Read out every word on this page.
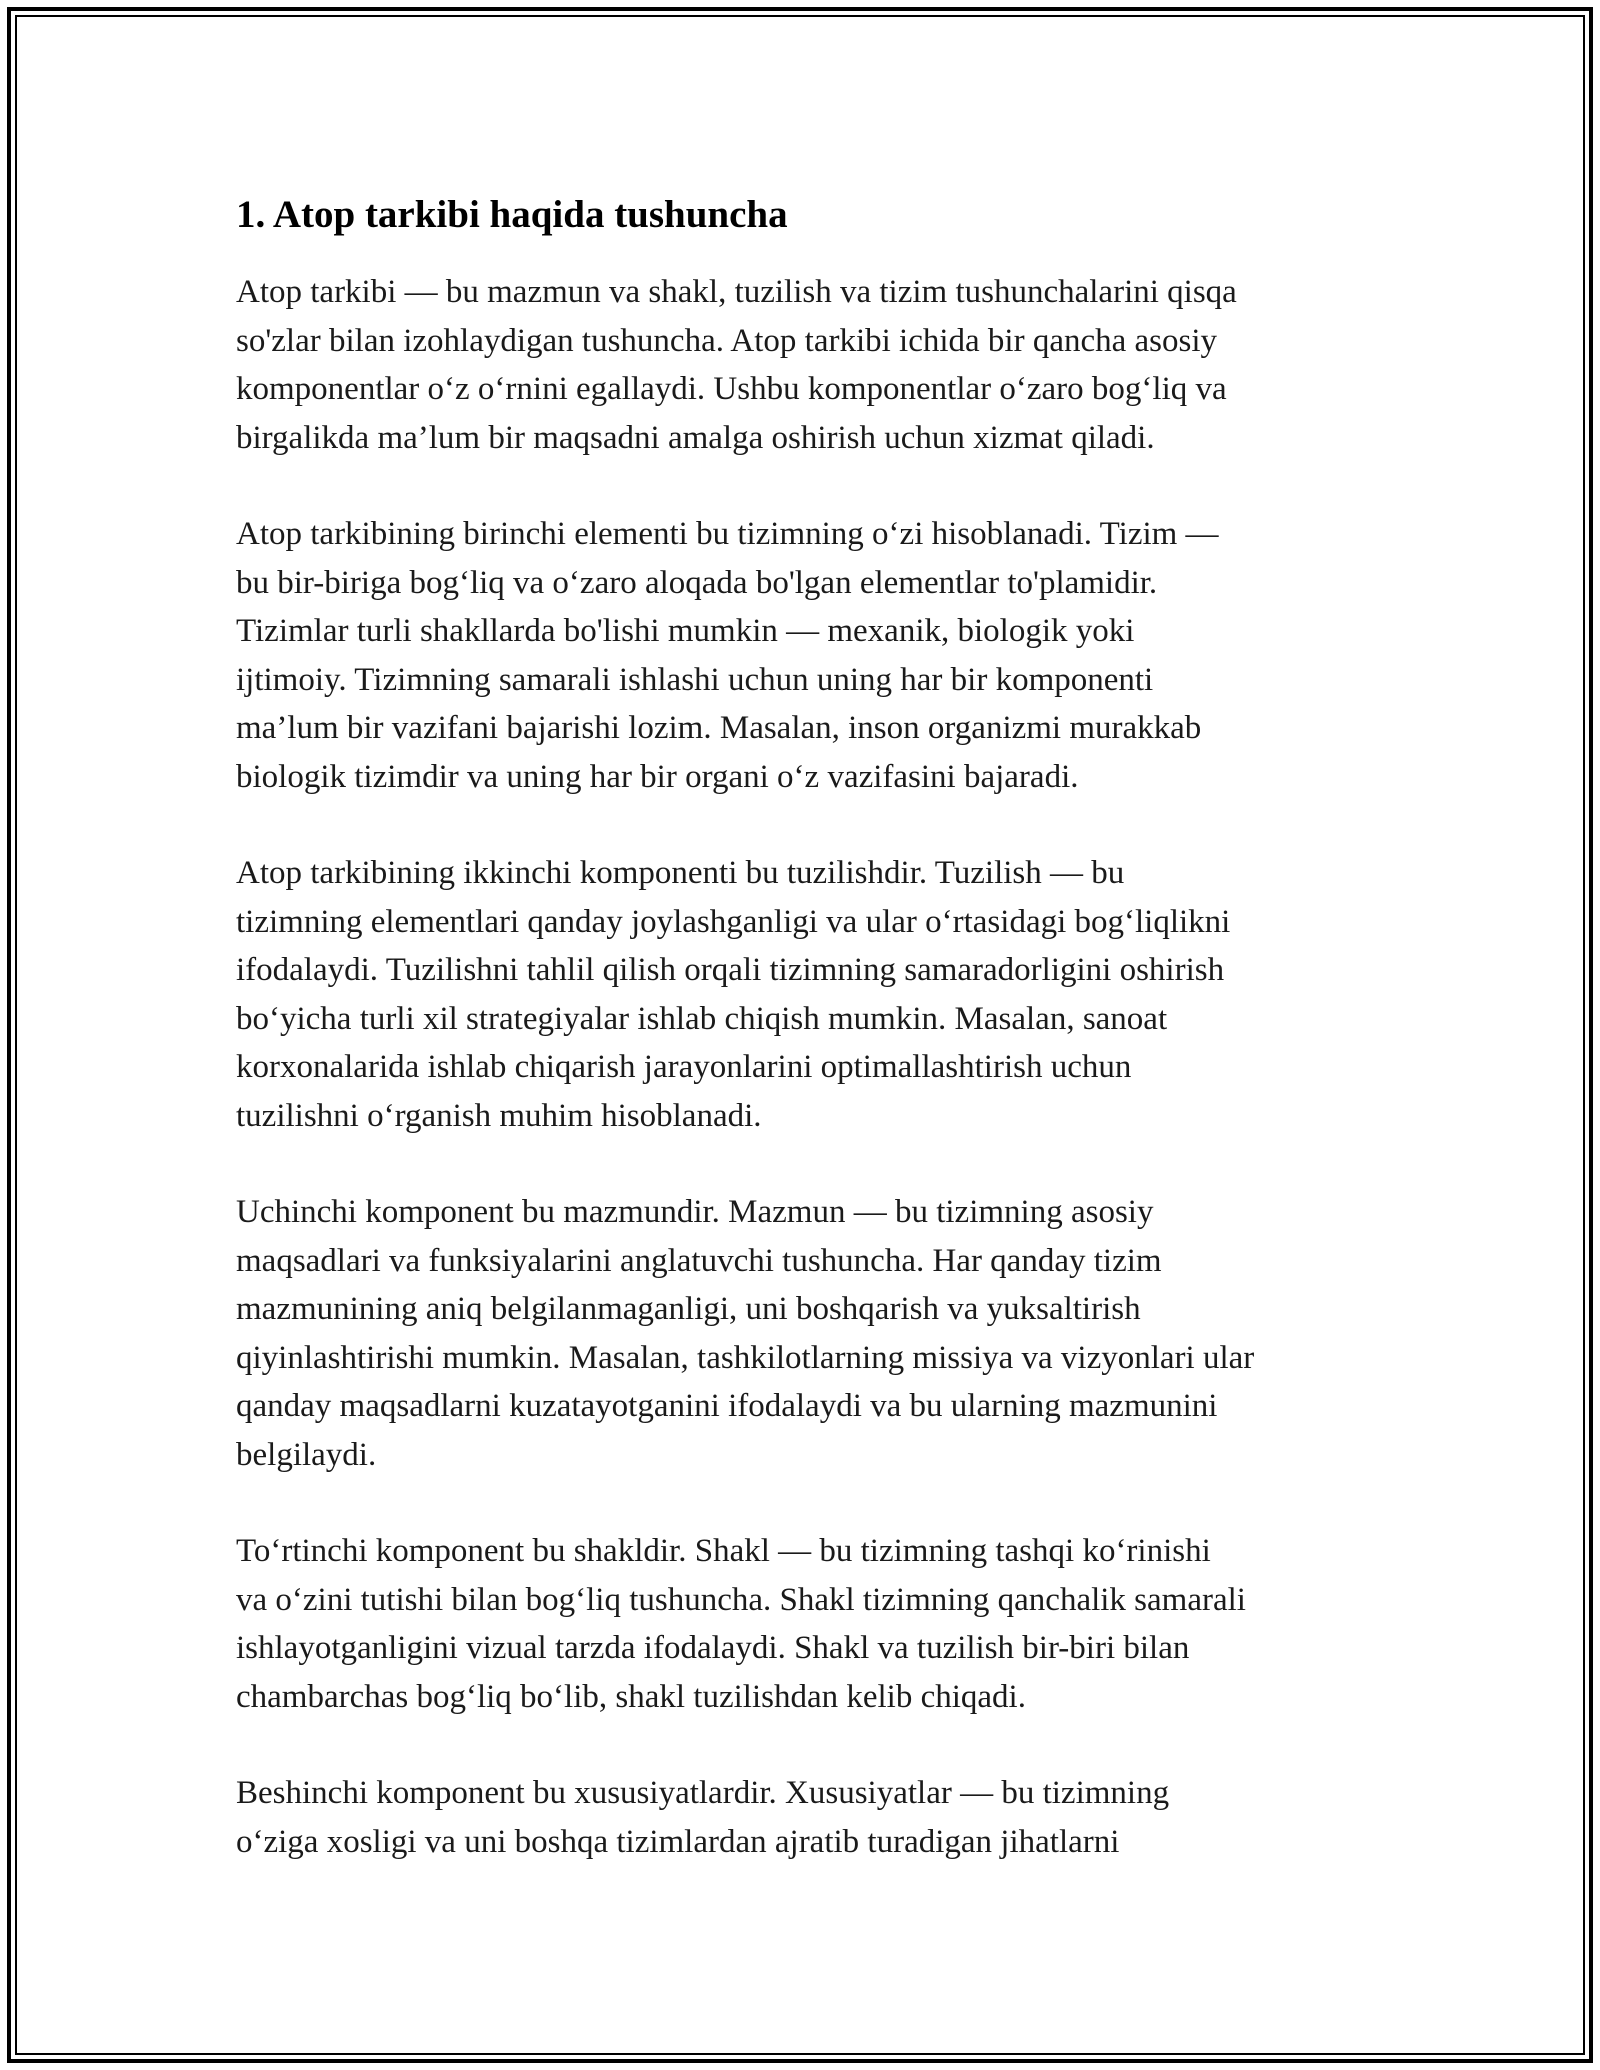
1. Atop tarkibi haqida tushuncha

Atop tarkibi — bu mazmun va shakl, tuzilish va tizim tushunchalarini qisqa
so'zlar bilan izohlaydigan tushuncha. Atop tarkibi ichida bir qancha asosiy
komponentlar o‘z o‘rnini egallaydi. Ushbu komponentlar o‘zaro bog‘liq va
birgalikda ma’lum bir maqsadni amalga oshirish uchun xizmat qiladi.

Atop tarkibining birinchi elementi bu tizimning o‘zi hisoblanadi. Tizim —
bu bir-biriga bog‘liq va o‘zaro aloqada bo'lgan elementlar to'plamidir.
Tizimlar turli shakllarda bo'lishi mumkin — mexanik, biologik yoki
ijtimoiy. Tizimning samarali ishlashi uchun uning har bir komponenti
ma’lum bir vazifani bajarishi lozim. Masalan, inson organizmi murakkab
biologik tizimdir va uning har bir organi o‘z vazifasini bajaradi.

Atop tarkibining ikkinchi komponenti bu tuzilishdir. Tuzilish — bu
tizimning elementlari qanday joylashganligi va ular o‘rtasidagi bog‘liqlikni
ifodalaydi. Tuzilishni tahlil qilish orqali tizimning samaradorligini oshirish
bo‘yicha turli xil strategiyalar ishlab chiqish mumkin. Masalan, sanoat
korxonalarida ishlab chiqarish jarayonlarini optimallashtirish uchun
tuzilishni o‘rganish muhim hisoblanadi.

Uchinchi komponent bu mazmundir. Mazmun — bu tizimning asosiy
maqsadlari va funksiyalarini anglatuvchi tushuncha. Har qanday tizim
mazmunining aniq belgilanmaganligi, uni boshqarish va yuksaltirish
qiyinlashtirishi mumkin. Masalan, tashkilotlarning missiya va vizyonlari ular
qanday maqsadlarni kuzatayotganini ifodalaydi va bu ularning mazmunini
belgilaydi.

To‘rtinchi komponent bu shakldir. Shakl — bu tizimning tashqi ko‘rinishi
va o‘zini tutishi bilan bog‘liq tushuncha. Shakl tizimning qanchalik samarali
ishlayotganligini vizual tarzda ifodalaydi. Shakl va tuzilish bir-biri bilan
chambarchas bog‘liq bo‘lib, shakl tuzilishdan kelib chiqadi.

Beshinchi komponent bu xususiyatlardir. Xususiyatlar — bu tizimning
o‘ziga xosligi va uni boshqa tizimlardan ajratib turadigan jihatlarni
